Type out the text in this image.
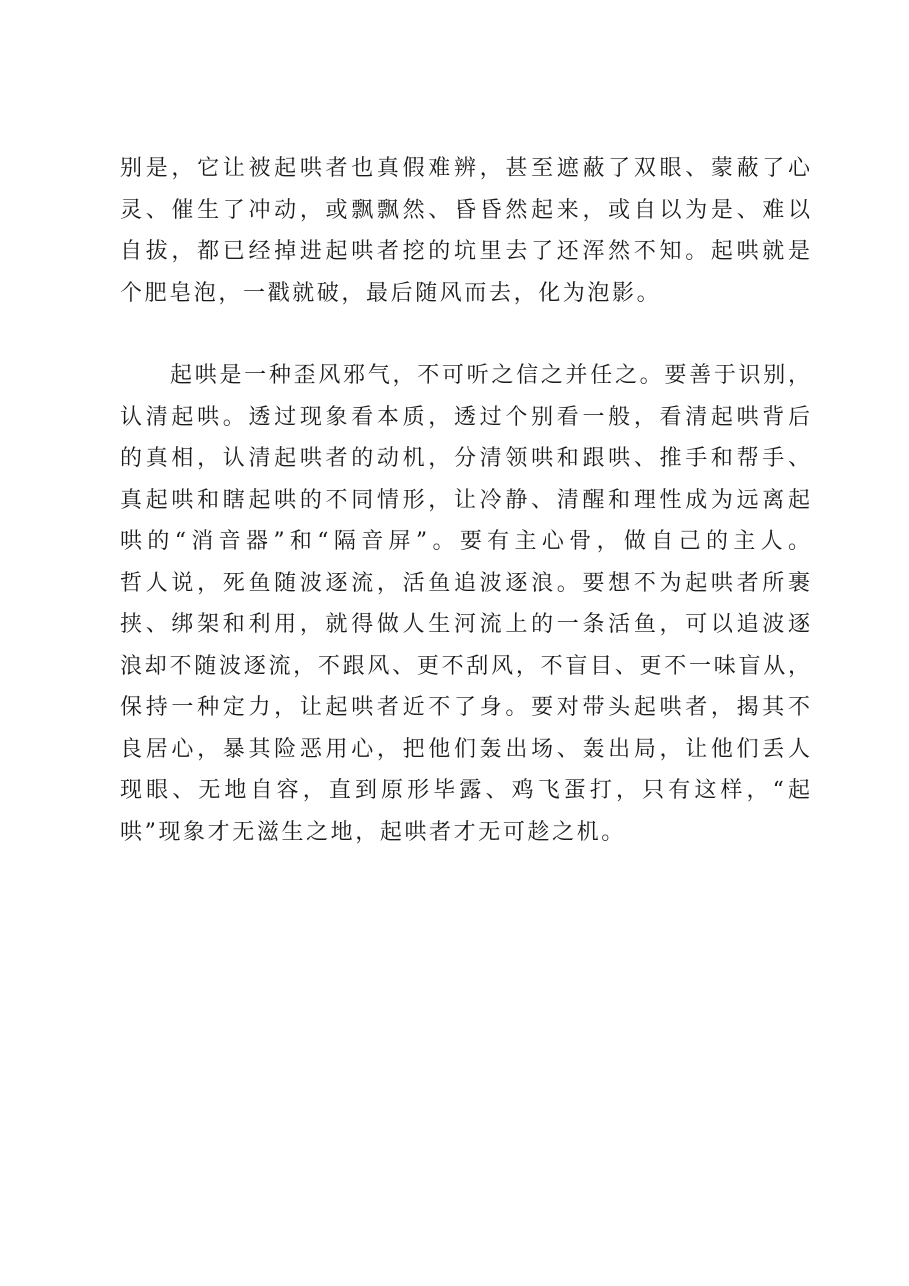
别是，它让被起哄者也真假难辨，甚至遮蔽了双眼、蒙蔽了心
灵、催生了冲动，或飘飘然、昏昏然起来，或自以为是、难以
自拔，都已经掉进起哄者挖的坑里去了还浑然不知。起哄就是
个肥皂泡，一戳就破，最后随风而去，化为泡影。
起哄是一种歪风邪气，不可听之信之并任之。要善于识别，
认清起哄。透过现象看本质，透过个别看一般，看清起哄背后
的真相，认清起哄者的动机，分清领哄和跟哄、推手和帮手、
真起哄和瞎起哄的不同情形，让冷静、清醒和理性成为远离起
哄的“消音器”和“隔音屏”。要有主心骨，做自己的主人。
哲人说，死鱼随波逐流，活鱼追波逐浪。要想不为起哄者所裹
挟、绑架和利用，就得做人生河流上的一条活鱼，可以追波逐
浪却不随波逐流，不跟风、更不刮风，不盲目、更不一味盲从，
保持一种定力，让起哄者近不了身。要对带头起哄者，揭其不
良居心，暴其险恶用心，把他们轰出场、轰出局，让他们丢人
现眼、无地自容，直到原形毕露、鸡飞蛋打，只有这样，“起
哄”现象才无滋生之地，起哄者才无可趁之机。
